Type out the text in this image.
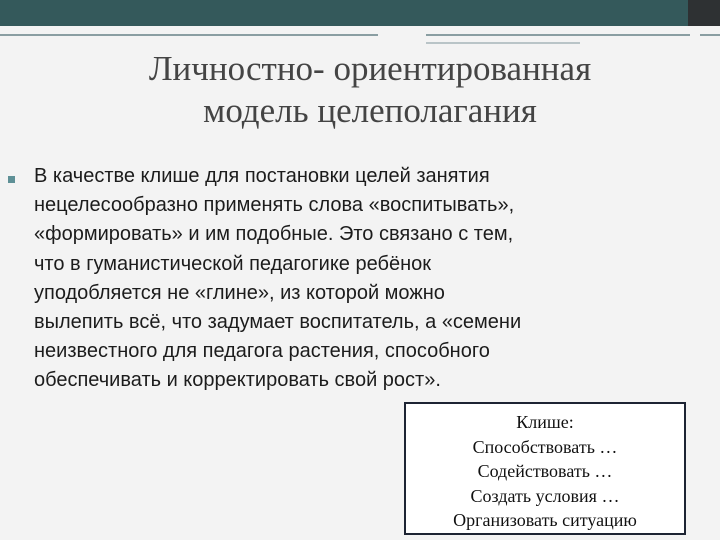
Личностно- ориентированная
модель целеполагания

В качестве клише для постановки целей занятия
нецелесообразно применять слова «воспитывать»,
«формировать» и им подобные. Это связано с тем,
что в гуманистической педагогике ребёнок
уподобляется не «глине», из которой можно
вылепить всё, что задумает воспитатель, а «семени
неизвестного для педагога растения, способного
обеспечивать и корректировать свой рост».

Клише:
Способствовать …
Содействовать …
Создать условия …
Организовать ситуацию
